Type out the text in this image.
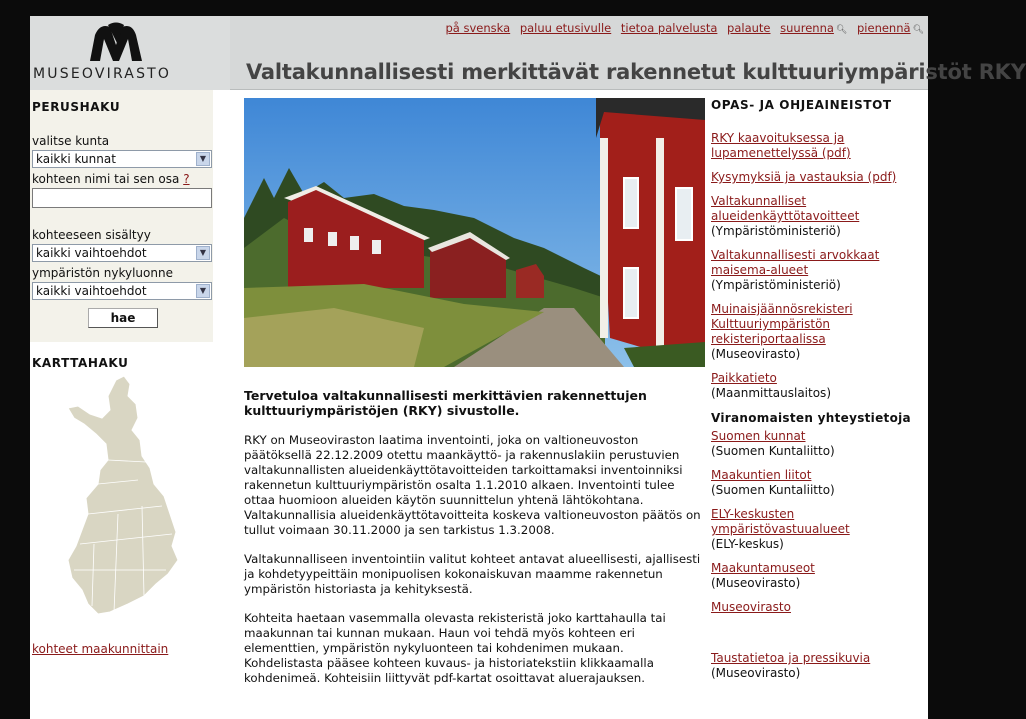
MUSEOVIRASTO
på svenska paluu etusivulle tietoa palvelusta palaute suurenna 🔍︎ pienennä 🔍︎
Valtakunnallisesti merkittävät rakennetut kulttuuriympäristöt RKY
PERUSHAKU
valitse kunta
kaikki kunnat	▼
kohteen nimi tai sen osa ?
kohteeseen sisältyy
kaikki vaihtoehdot	▼
ympäristön nykyluonne
kaikki vaihtoehdot	▼
hae
KARTTAHAKU
kohteet maakunnittain
Tervetuloa valtakunnallisesti merkittävien rakennettujen kulttuuriympäristöjen (RKY) sivustolle.

RKY on Museoviraston laatima inventointi, joka on valtioneuvoston päätöksellä 22.12.2009 otettu maankäyttö- ja rakennuslakiin perustuvien valtakunnallisten alueidenkäyttötavoitteiden tarkoittamaksi inventoinniksi rakennetun kulttuuriympäristön osalta 1.1.2010 alkaen. Inventointi tulee ottaa huomioon alueiden käytön suunnittelun yhtenä lähtökohtana. Valtakunnallisia alueidenkäyttötavoitteita koskeva valtioneuvoston päätös on tullut voimaan 30.11.2000 ja sen tarkistus 1.3.2008.

Valtakunnalliseen inventointiin valitut kohteet antavat alueellisesti, ajallisesti ja kohdetyypeittäin monipuolisen kokonaiskuvan maamme rakennetun ympäristön historiasta ja kehityksestä.

Kohteita haetaan vasemmalla olevasta rekisteristä joko karttahaulla tai maakunnan tai kunnan mukaan. Haun voi tehdä myös kohteen eri elementtien, ympäristön nykyluonteen tai kohdenimen mukaan. Kohdelistasta pääsee kohteen kuvaus- ja historiatekstiin klikkaamalla kohdenimeä. Kohteisiin liittyvät pdf-kartat osoittavat aluerajauksen.

OPAS- JA OHJEAINEISTOT
RKY kaavoituksessa ja lupamenettelyssä (pdf)
Kysymyksiä ja vastauksia (pdf)
Valtakunnalliset alueidenkäyttötavoitteet
(Ympäristöministeriö)
Valtakunnallisesti arvokkaat maisema-alueet
(Ympäristöministeriö)
Muinaisjäännösrekisteri Kulttuuriympäristön rekisteriportaalissa
(Museovirasto)
Paikkatieto
(Maanmittauslaitos)
Viranomaisten yhteystietoja
Suomen kunnat
(Suomen Kuntaliitto)
Maakuntien liitot
(Suomen Kuntaliitto)
ELY-keskusten ympäristövastuualueet
(ELY-keskus)
Maakuntamuseot
(Museovirasto)
Museovirasto
Taustatietoa ja pressikuvia
(Museovirasto)
